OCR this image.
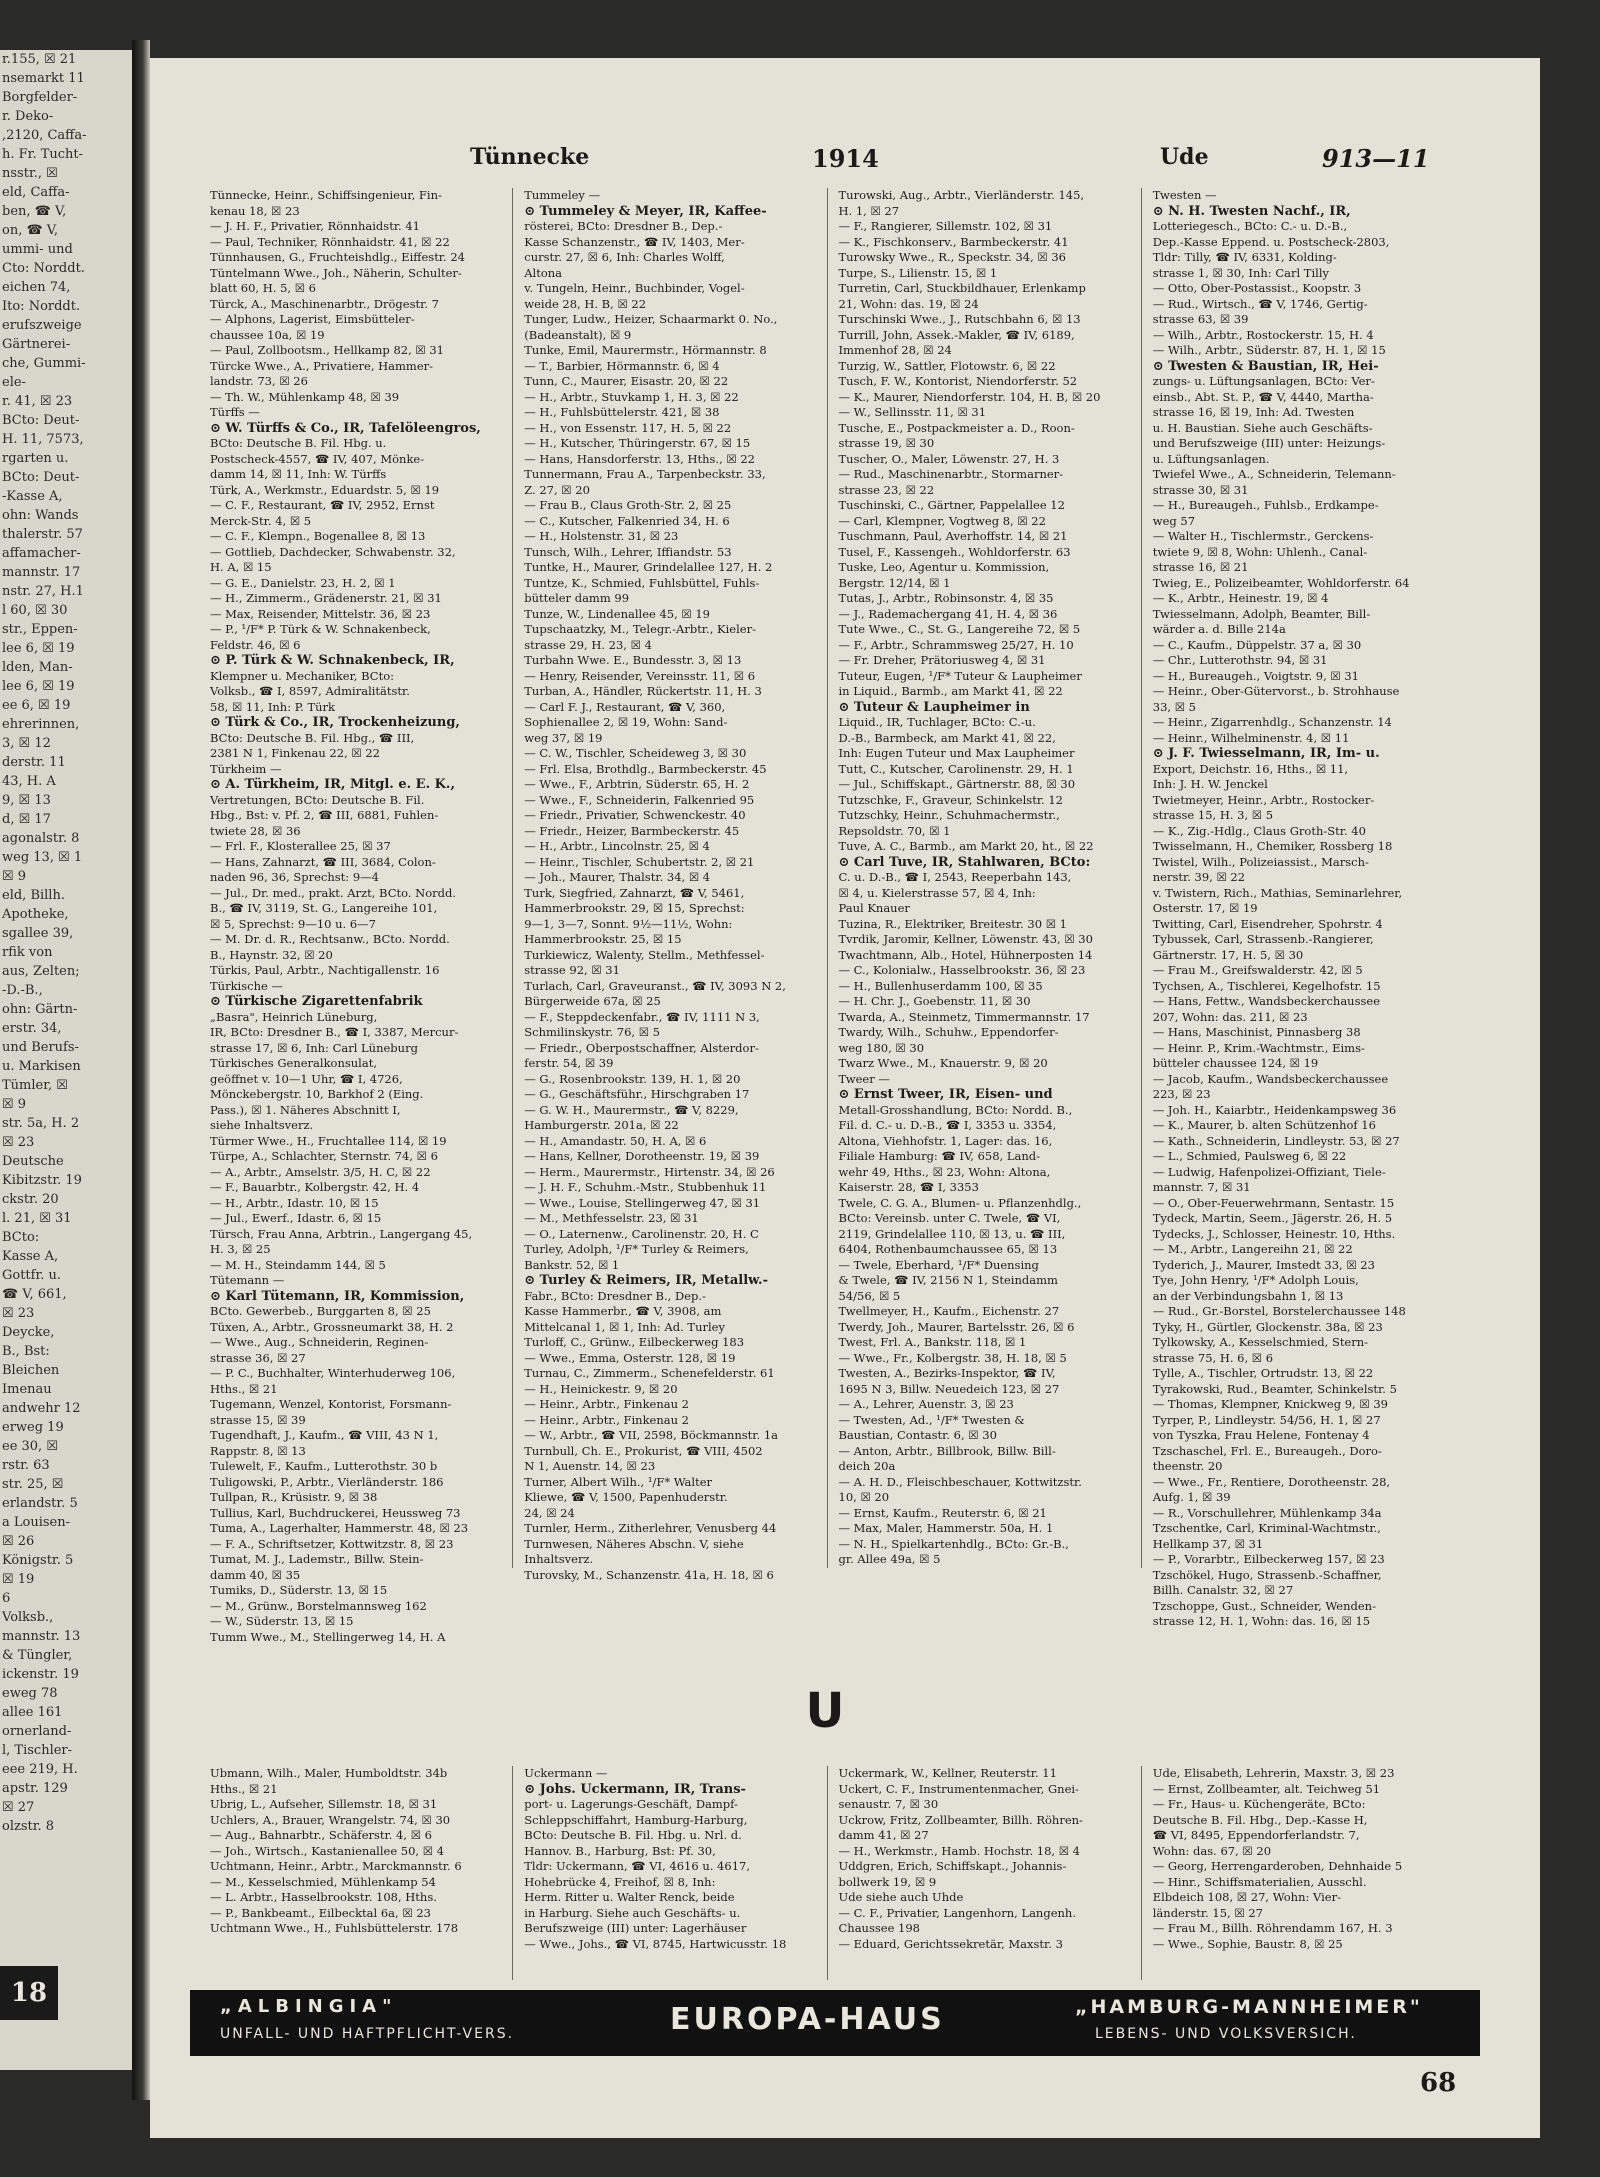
r.155, ☒ 21
nsemarkt 11
Borgfelder-
r. Deko-
,2120, Caffa-
h. Fr. Tucht-
nsstr., ☒
eld, Caffa-
ben, ☎ V,
on, ☎ V,
ummi- und
Cto: Norddt.
eichen 74,
Ito: Norddt.
erufszweige
Gärtnerei-
che, Gummi-
ele-
r. 41, ☒ 23
BCto: Deut-
H. 11, 7573,
rgarten u.
BCto: Deut-
-Kasse A,
ohn: Wands
thalerstr. 57
affamacher-
mannstr. 17
nstr. 27, H.1
l 60, ☒ 30
str., Eppen-
lee 6, ☒ 19
lden, Man-
lee 6, ☒ 19
ee 6, ☒ 19
ehrerinnen,
3, ☒ 12
derstr. 11
43, H. A
9, ☒ 13
d, ☒ 17
agonalstr. 8
weg 13, ☒ 1
☒ 9
eld, Billh.
Apotheke,
sgallee 39,
rfik von
aus, Zelten;
-D.-B.,
ohn: Gärtn-
erstr. 34,
und Berufs-
u. Markisen
Tümler, ☒
☒ 9
str. 5a, H. 2
☒ 23
Deutsche
Kibitzstr. 19
ckstr. 20
l. 21, ☒ 31
BCto:
Kasse A,
Gottfr. u.
☎ V, 661,
☒ 23
Deycke,
B., Bst:
Bleichen
Imenau
andwehr 12
erweg 19
ee 30, ☒
rstr. 63
str. 25, ☒
erlandstr. 5
a Louisen-
☒ 26
Königstr. 5
☒ 19
6
Volksb.,
mannstr. 13
& Tüngler,
ickenstr. 19
eweg 78
allee 161
ornerland-
l, Tischler-
eee 219, H.
apstr. 129
☒ 27
olzstr. 8
18
Tünnecke	1914	Ude	913—11
Tünnecke, Heinr., Schiffsingenieur, Fin-
kenau 18, ☒ 23
— J. H. F., Privatier, Rönnhaidstr. 41
— Paul, Techniker, Rönnhaidstr. 41, ☒ 22
Tünnhausen, G., Fruchteishdlg., Eiffestr. 24
Tüntelmann Wwe., Joh., Näherin, Schulter-
blatt 60, H. 5, ☒ 6
Türck, A., Maschinenarbtr., Drögestr. 7
— Alphons, Lagerist, Eimsbütteler-
chaussee 10a, ☒ 19
— Paul, Zollbootsm., Hellkamp 82, ☒ 31
Türcke Wwe., A., Privatiere, Hammer-
landstr. 73, ☒ 26
— Th. W., Mühlenkamp 48, ☒ 39
Türffs —
⊙ W. Türffs & Co., IR, Tafelöleengros,
BCto: Deutsche B. Fil. Hbg. u.
Postscheck-4557, ☎ IV, 407, Mönke-
damm 14, ☒ 11, Inh: W. Türffs
Türk, A., Werkmstr., Eduardstr. 5, ☒ 19
— C. F., Restaurant, ☎ IV, 2952, Ernst
Merck-Str. 4, ☒ 5
— C. F., Klempn., Bogenallee 8, ☒ 13
— Gottlieb, Dachdecker, Schwabenstr. 32,
H. A, ☒ 15
— G. E., Danielstr. 23, H. 2, ☒ 1
— H., Zimmerm., Grädenerstr. 21, ☒ 31
— Max, Reisender, Mittelstr. 36, ☒ 23
— P., ¹/F* P. Türk & W. Schnakenbeck,
Feldstr. 46, ☒ 6
⊙ P. Türk & W. Schnakenbeck, IR,
Klempner u. Mechaniker, BCto:
Volksb., ☎ I, 8597, Admiralitätstr.
58, ☒ 11, Inh: P. Türk
⊙ Türk & Co., IR, Trockenheizung,
BCto: Deutsche B. Fil. Hbg., ☎ III,
2381 N 1, Finkenau 22, ☒ 22
Türkheim —
⊙ A. Türkheim, IR, Mitgl. e. E. K.,
Vertretungen, BCto: Deutsche B. Fil.
Hbg., Bst: v. Pf. 2, ☎ III, 6881, Fuhlen-
twiete 28, ☒ 36
— Frl. F., Klosterallee 25, ☒ 37
— Hans, Zahnarzt, ☎ III, 3684, Colon-
naden 96, 36, Sprechst: 9—4
— Jul., Dr. med., prakt. Arzt, BCto. Nordd.
B., ☎ IV, 3119, St. G., Langereihe 101,
☒ 5, Sprechst: 9—10 u. 6—7
— M. Dr. d. R., Rechtsanw., BCto. Nordd.
B., Haynstr. 32, ☒ 20
Türkis, Paul, Arbtr., Nachtigallenstr. 16
Türkische —
⊙ Türkische Zigarettenfabrik
„Basra", Heinrich Lüneburg,
IR, BCto: Dresdner B., ☎ I, 3387, Mercur-
strasse 17, ☒ 6, Inh: Carl Lüneburg
Türkisches Generalkonsulat,
geöffnet v. 10—1 Uhr, ☎ I, 4726,
Mönckebergstr. 10, Barkhof 2 (Eing.
Pass.), ☒ 1. Näheres Abschnitt I,
siehe Inhaltsverz.
Türmer Wwe., H., Fruchtallee 114, ☒ 19
Türpe, A., Schlachter, Sternstr. 74, ☒ 6
— A., Arbtr., Amselstr. 3/5, H. C, ☒ 22
— F., Bauarbtr., Kolbergstr. 42, H. 4
— H., Arbtr., Idastr. 10, ☒ 15
— Jul., Ewerf., Idastr. 6, ☒ 15
Türsch, Frau Anna, Arbtrin., Langergang 45,
H. 3, ☒ 25
— M. H., Steindamm 144, ☒ 5
Tütemann —
⊙ Karl Tütemann, IR, Kommission,
BCto. Gewerbeb., Burggarten 8, ☒ 25
Tüxen, A., Arbtr., Grossneumarkt 38, H. 2
— Wwe., Aug., Schneiderin, Reginen-
strasse 36, ☒ 27
— P. C., Buchhalter, Winterhuderweg 106,
Hths., ☒ 21
Tugemann, Wenzel, Kontorist, Forsmann-
strasse 15, ☒ 39
Tugendhaft, J., Kaufm., ☎ VIII, 43 N 1,
Rappstr. 8, ☒ 13
Tulewelt, F., Kaufm., Lutterothstr. 30 b
Tuligowski, P., Arbtr., Vierländerstr. 186
Tullpan, R., Krüsistr. 9, ☒ 38
Tullius, Karl, Buchdruckerei, Heussweg 73
Tuma, A., Lagerhalter, Hammerstr. 48, ☒ 23
— F. A., Schriftsetzer, Kottwitzstr. 8, ☒ 23
Tumat, M. J., Lademstr., Billw. Stein-
damm 40, ☒ 35
Tumiks, D., Süderstr. 13, ☒ 15
— M., Grünw., Borstelmannsweg 162
— W., Süderstr. 13, ☒ 15
Tumm Wwe., M., Stellingerweg 14, H. A
Tummeley —
⊙ Tummeley & Meyer, IR, Kaffee-
rösterei, BCto: Dresdner B., Dep.-
Kasse Schanzenstr., ☎ IV, 1403, Mer-
curstr. 27, ☒ 6, Inh: Charles Wolff,
Altona
v. Tungeln, Heinr., Buchbinder, Vogel-
weide 28, H. B, ☒ 22
Tunger, Ludw., Heizer, Schaarmarkt 0. No.,
(Badeanstalt), ☒ 9
Tunke, Emil, Maurermstr., Hörmannstr. 8
— T., Barbier, Hörmannstr. 6, ☒ 4
Tunn, C., Maurer, Eisastr. 20, ☒ 22
— H., Arbtr., Stuvkamp 1, H. 3, ☒ 22
— H., Fuhlsbüttelerstr. 421, ☒ 38
— H., von Essenstr. 117, H. 5, ☒ 22
— H., Kutscher, Thüringerstr. 67, ☒ 15
— Hans, Hansdorferstr. 13, Hths., ☒ 22
Tunnermann, Frau A., Tarpenbeckstr. 33,
Z. 27, ☒ 20
— Frau B., Claus Groth-Str. 2, ☒ 25
— C., Kutscher, Falkenried 34, H. 6
— H., Holstenstr. 31, ☒ 23
Tunsch, Wilh., Lehrer, Iffiandstr. 53
Tuntke, H., Maurer, Grindelallee 127, H. 2
Tuntze, K., Schmied, Fuhlsbüttel, Fuhls-
bütteler damm 99
Tunze, W., Lindenallee 45, ☒ 19
Tupschaatzky, M., Telegr.-Arbtr., Kieler-
strasse 29, H. 23, ☒ 4
Turbahn Wwe. E., Bundesstr. 3, ☒ 13
— Henry, Reisender, Vereinsstr. 11, ☒ 6
Turban, A., Händler, Rückertstr. 11, H. 3
— Carl F. J., Restaurant, ☎ V, 360,
Sophienallee 2, ☒ 19, Wohn: Sand-
weg 37, ☒ 19
— C. W., Tischler, Scheideweg 3, ☒ 30
— Frl. Elsa, Brothdlg., Barmbeckerstr. 45
— Wwe., F., Arbtrin, Süderstr. 65, H. 2
— Wwe., F., Schneiderin, Falkenried 95
— Friedr., Privatier, Schwenckestr. 40
— Friedr., Heizer, Barmbeckerstr. 45
— H., Arbtr., Lincolnstr. 25, ☒ 4
— Heinr., Tischler, Schubertstr. 2, ☒ 21
— Joh., Maurer, Thalstr. 34, ☒ 4
Turk, Siegfried, Zahnarzt, ☎ V, 5461,
Hammerbrookstr. 29, ☒ 15, Sprechst:
9—1, 3—7, Sonnt. 9½—11½, Wohn:
Hammerbrookstr. 25, ☒ 15
Turkiewicz, Walenty, Stellm., Methfessel-
strasse 92, ☒ 31
Turlach, Carl, Graveuranst., ☎ IV, 3093 N 2,
Bürgerweide 67a, ☒ 25
— F., Steppdeckenfabr., ☎ IV, 1111 N 3,
Schmilinskystr. 76, ☒ 5
— Friedr., Oberpostschaffner, Alsterdor-
ferstr. 54, ☒ 39
— G., Rosenbrookstr. 139, H. 1, ☒ 20
— G., Geschäftsführ., Hirschgraben 17
— G. W. H., Maurermstr., ☎ V, 8229,
Hamburgerstr. 201a, ☒ 22
— H., Amandastr. 50, H. A, ☒ 6
— Hans, Kellner, Dorotheenstr. 19, ☒ 39
— Herm., Maurermstr., Hirtenstr. 34, ☒ 26
— J. H. F., Schuhm.-Mstr., Stubbenhuk 11
— Wwe., Louise, Stellingerweg 47, ☒ 31
— M., Methfesselstr. 23, ☒ 31
— O., Laternenw., Carolinenstr. 20, H. C
Turley, Adolph, ¹/F* Turley & Reimers,
Bankstr. 52, ☒ 1
⊙ Turley & Reimers, IR, Metallw.-
Fabr., BCto: Dresdner B., Dep.-
Kasse Hammerbr., ☎ V, 3908, am
Mittelcanal 1, ☒ 1, Inh: Ad. Turley
Turloff, C., Grünw., Eilbeckerweg 183
— Wwe., Emma, Osterstr. 128, ☒ 19
Turnau, C., Zimmerm., Schenefelderstr. 61
— H., Heinickestr. 9, ☒ 20
— Heinr., Arbtr., Finkenau 2
— Heinr., Arbtr., Finkenau 2
— W., Arbtr., ☎ VII, 2598, Böckmannstr. 1a
Turnbull, Ch. E., Prokurist, ☎ VIII, 4502
N 1, Auenstr. 14, ☒ 23
Turner, Albert Wilh., ¹/F* Walter
Kliewe, ☎ V, 1500, Papenhuderstr.
24, ☒ 24
Turnler, Herm., Zitherlehrer, Venusberg 44
Turnwesen, Näheres Abschn. V, siehe
Inhaltsverz.
Turovsky, M., Schanzenstr. 41a, H. 18, ☒ 6
Turowski, Aug., Arbtr., Vierländerstr. 145,
H. 1, ☒ 27
— F., Rangierer, Sillemstr. 102, ☒ 31
— K., Fischkonserv., Barmbeckerstr. 41
Turowsky Wwe., R., Speckstr. 34, ☒ 36
Turpe, S., Lilienstr. 15, ☒ 1
Turretin, Carl, Stuckbildhauer, Erlenkamp
21, Wohn: das. 19, ☒ 24
Turschinski Wwe., J., Rutschbahn 6, ☒ 13
Turrill, John, Assek.-Makler, ☎ IV, 6189,
Immenhof 28, ☒ 24
Turzig, W., Sattler, Flotowstr. 6, ☒ 22
Tusch, F. W., Kontorist, Niendorferstr. 52
— K., Maurer, Niendorferstr. 104, H. B, ☒ 20
— W., Sellinsstr. 11, ☒ 31
Tusche, E., Postpackmeister a. D., Roon-
strasse 19, ☒ 30
Tuscher, O., Maler, Löwenstr. 27, H. 3
— Rud., Maschinenarbtr., Stormarner-
strasse 23, ☒ 22
Tuschinski, C., Gärtner, Pappelallee 12
— Carl, Klempner, Vogtweg 8, ☒ 22
Tuschmann, Paul, Averhoffstr. 14, ☒ 21
Tusel, F., Kassengeh., Wohldorferstr. 63
Tuske, Leo, Agentur u. Kommission,
Bergstr. 12/14, ☒ 1
Tutas, J., Arbtr., Robinsonstr. 4, ☒ 35
— J., Rademachergang 41, H. 4, ☒ 36
Tute Wwe., C., St. G., Langereihe 72, ☒ 5
— F., Arbtr., Schrammsweg 25/27, H. 10
— Fr. Dreher, Prätoriusweg 4, ☒ 31
Tuteur, Eugen, ¹/F* Tuteur & Laupheimer
in Liquid., Barmb., am Markt 41, ☒ 22
⊙ Tuteur & Laupheimer in
Liquid., IR, Tuchlager, BCto: C.-u.
D.-B., Barmbeck, am Markt 41, ☒ 22,
Inh: Eugen Tuteur und Max Laupheimer
Tutt, C., Kutscher, Carolinenstr. 29, H. 1
— Jul., Schiffskapt., Gärtnerstr. 88, ☒ 30
Tutzschke, F., Graveur, Schinkelstr. 12
Tutzschky, Heinr., Schuhmachermstr.,
Repsoldstr. 70, ☒ 1
Tuve, A. C., Barmb., am Markt 20, ht., ☒ 22
⊙ Carl Tuve, IR, Stahlwaren, BCto:
C. u. D.-B., ☎ I, 2543, Reeperbahn 143,
☒ 4, u. Kielerstrasse 57, ☒ 4, Inh:
Paul Knauer
Tuzina, R., Elektriker, Breitestr. 30 ☒ 1
Tvrdik, Jaromir, Kellner, Löwenstr. 43, ☒ 30
Twachtmann, Alb., Hotel, Hühnerposten 14
— C., Kolonialw., Hasselbrookstr. 36, ☒ 23
— H., Bullenhuserdamm 100, ☒ 35
— H. Chr. J., Goebenstr. 11, ☒ 30
Twarda, A., Steinmetz, Timmermannstr. 17
Twardy, Wilh., Schuhw., Eppendorfer-
weg 180, ☒ 30
Twarz Wwe., M., Knauerstr. 9, ☒ 20
Tweer —
⊙ Ernst Tweer, IR, Eisen- und
Metall-Grosshandlung, BCto: Nordd. B.,
Fil. d. C.- u. D.-B., ☎ I, 3353 u. 3354,
Altona, Viehhofstr. 1, Lager: das. 16,
Filiale Hamburg: ☎ IV, 658, Land-
wehr 49, Hths., ☒ 23, Wohn: Altona,
Kaiserstr. 28, ☎ I, 3353
Twele, C. G. A., Blumen- u. Pflanzenhdlg.,
BCto: Vereinsb. unter C. Twele, ☎ VI,
2119, Grindelallee 110, ☒ 13, u. ☎ III,
6404, Rothenbaumchaussee 65, ☒ 13
— Twele, Eberhard, ¹/F* Duensing
& Twele, ☎ IV, 2156 N 1, Steindamm
54/56, ☒ 5
Twellmeyer, H., Kaufm., Eichenstr. 27
Twerdy, Joh., Maurer, Bartelsstr. 26, ☒ 6
Twest, Frl. A., Bankstr. 118, ☒ 1
— Wwe., Fr., Kolbergstr. 38, H. 18, ☒ 5
Twesten, A., Bezirks-Inspektor, ☎ IV,
1695 N 3, Billw. Neuedeich 123, ☒ 27
— A., Lehrer, Auenstr. 3, ☒ 23
— Twesten, Ad., ¹/F* Twesten &
Baustian, Contastr. 6, ☒ 30
— Anton, Arbtr., Billbrook, Billw. Bill-
deich 20a
— A. H. D., Fleischbeschauer, Kottwitzstr.
10, ☒ 20
— Ernst, Kaufm., Reuterstr. 6, ☒ 21
— Max, Maler, Hammerstr. 50a, H. 1
— N. H., Spielkartenhdlg., BCto: Gr.-B.,
gr. Allee 49a, ☒ 5
Twesten —
⊙ N. H. Twesten Nachf., IR,
Lotteriegesch., BCto: C.- u. D.-B.,
Dep.-Kasse Eppend. u. Postscheck-2803,
Tldr: Tilly, ☎ IV, 6331, Kolding-
strasse 1, ☒ 30, Inh: Carl Tilly
— Otto, Ober-Postassist., Koopstr. 3
— Rud., Wirtsch., ☎ V, 1746, Gertig-
strasse 63, ☒ 39
— Wilh., Arbtr., Rostockerstr. 15, H. 4
— Wilh., Arbtr., Süderstr. 87, H. 1, ☒ 15
⊙ Twesten & Baustian, IR, Hei-
zungs- u. Lüftungsanlagen, BCto: Ver-
einsb., Abt. St. P., ☎ V, 4440, Martha-
strasse 16, ☒ 19, Inh: Ad. Twesten
u. H. Baustian. Siehe auch Geschäfts-
und Berufszweige (III) unter: Heizungs-
u. Lüftungsanlagen.
Twiefel Wwe., A., Schneiderin, Telemann-
strasse 30, ☒ 31
— H., Bureaugeh., Fuhlsb., Erdkampe-
weg 57
— Walter H., Tischlermstr., Gerckens-
twiete 9, ☒ 8, Wohn: Uhlenh., Canal-
strasse 16, ☒ 21
Twieg, E., Polizeibeamter, Wohldorferstr. 64
— K., Arbtr., Heinestr. 19, ☒ 4
Twiesselmann, Adolph, Beamter, Bill-
wärder a. d. Bille 214a
— C., Kaufm., Düppelstr. 37 a, ☒ 30
— Chr., Lutterothstr. 94, ☒ 31
— H., Bureaugeh., Voigtstr. 9, ☒ 31
— Heinr., Ober-Gütervorst., b. Strohhause
33, ☒ 5
— Heinr., Zigarrenhdlg., Schanzenstr. 14
— Heinr., Wilhelminenstr. 4, ☒ 11
⊙ J. F. Twiesselmann, IR, Im- u.
Export, Deichstr. 16, Hths., ☒ 11,
Inh: J. H. W. Jenckel
Twietmeyer, Heinr., Arbtr., Rostocker-
strasse 15, H. 3, ☒ 5
— K., Zig.-Hdlg., Claus Groth-Str. 40
Twisselmann, H., Chemiker, Rossberg 18
Twistel, Wilh., Polizeiassist., Marsch-
nerstr. 39, ☒ 22
v. Twistern, Rich., Mathias, Seminarlehrer,
Osterstr. 17, ☒ 19
Twitting, Carl, Eisendreher, Spohrstr. 4
Tybussek, Carl, Strassenb.-Rangierer,
Gärtnerstr. 17, H. 5, ☒ 30
— Frau M., Greifswalderstr. 42, ☒ 5
Tychsen, A., Tischlerei, Kegelhofstr. 15
— Hans, Fettw., Wandsbeckerchaussee
207, Wohn: das. 211, ☒ 23
— Hans, Maschinist, Pinnasberg 38
— Heinr. P., Krim.-Wachtmstr., Eims-
bütteler chaussee 124, ☒ 19
— Jacob, Kaufm., Wandsbeckerchaussee
223, ☒ 23
— Joh. H., Kaiarbtr., Heidenkampsweg 36
— K., Maurer, b. alten Schützenhof 16
— Kath., Schneiderin, Lindleystr. 53, ☒ 27
— L., Schmied, Paulsweg 6, ☒ 22
— Ludwig, Hafenpolizei-Offiziant, Tiele-
mannstr. 7, ☒ 31
— O., Ober-Feuerwehrmann, Sentastr. 15
Tydeck, Martin, Seem., Jägerstr. 26, H. 5
Tydecks, J., Schlosser, Heinestr. 10, Hths.
— M., Arbtr., Langereihn 21, ☒ 22
Tyderich, J., Maurer, Imstedt 33, ☒ 23
Tye, John Henry, ¹/F* Adolph Louis,
an der Verbindungsbahn 1, ☒ 13
— Rud., Gr.-Borstel, Borstelerchaussee 148
Tyky, H., Gürtler, Glockenstr. 38a, ☒ 23
Tylkowsky, A., Kesselschmied, Stern-
strasse 75, H. 6, ☒ 6
Tylle, A., Tischler, Ortrudstr. 13, ☒ 22
Tyrakowski, Rud., Beamter, Schinkelstr. 5
— Thomas, Klempner, Knickweg 9, ☒ 39
Tyrper, P., Lindleystr. 54/56, H. 1, ☒ 27
von Tyszka, Frau Helene, Fontenay 4
Tzschaschel, Frl. E., Bureaugeh., Doro-
theenstr. 20
— Wwe., Fr., Rentiere, Dorotheenstr. 28,
Aufg. 1, ☒ 39
— R., Vorschullehrer, Mühlenkamp 34a
Tzschentke, Carl, Kriminal-Wachtmstr.,
Hellkamp 37, ☒ 31
— P., Vorarbtr., Eilbeckerweg 157, ☒ 23
Tzschökel, Hugo, Strassenb.-Schaffner,
Billh. Canalstr. 32, ☒ 27
Tzschoppe, Gust., Schneider, Wenden-
strasse 12, H. 1, Wohn: das. 16, ☒ 15
U
Ubmann, Wilh., Maler, Humboldtstr. 34b
Hths., ☒ 21
Ubrig, L., Aufseher, Sillemstr. 18, ☒ 31
Uchlers, A., Brauer, Wrangelstr. 74, ☒ 30
— Aug., Bahnarbtr., Schäferstr. 4, ☒ 6
— Joh., Wirtsch., Kastanienallee 50, ☒ 4
Uchtmann, Heinr., Arbtr., Marckmannstr. 6
— M., Kesselschmied, Mühlenkamp 54
— L. Arbtr., Hasselbrookstr. 108, Hths.
— P., Bankbeamt., Eilbecktal 6a, ☒ 23
Uchtmann Wwe., H., Fuhlsbüttelerstr. 178
Uckermann —
⊙ Johs. Uckermann, IR, Trans-
port- u. Lagerungs-Geschäft, Dampf-
Schleppschiffahrt, Hamburg-Harburg,
BCto: Deutsche B. Fil. Hbg. u. Nrl. d.
Hannov. B., Harburg, Bst: Pf. 30,
Tldr: Uckermann, ☎ VI, 4616 u. 4617,
Hohebrücke 4, Freihof, ☒ 8, Inh:
Herm. Ritter u. Walter Renck, beide
in Harburg. Siehe auch Geschäfts- u.
Berufszweige (III) unter: Lagerhäuser
— Wwe., Johs., ☎ VI, 8745, Hartwicusstr. 18
Uckermark, W., Kellner, Reuterstr. 11
Uckert, C. F., Instrumentenmacher, Gnei-
senaustr. 7, ☒ 30
Uckrow, Fritz, Zollbeamter, Billh. Röhren-
damm 41, ☒ 27
— H., Werkmstr., Hamb. Hochstr. 18, ☒ 4
Uddgren, Erich, Schiffskapt., Johannis-
bollwerk 19, ☒ 9
Ude siehe auch Uhde
— C. F., Privatier, Langenhorn, Langenh.
Chaussee 198
— Eduard, Gerichtssekretär, Maxstr. 3
Ude, Elisabeth, Lehrerin, Maxstr. 3, ☒ 23
— Ernst, Zollbeamter, alt. Teichweg 51
— Fr., Haus- u. Küchengeräte, BCto:
Deutsche B. Fil. Hbg., Dep.-Kasse H,
☎ VI, 8495, Eppendorferlandstr. 7,
Wohn: das. 67, ☒ 20
— Georg, Herrengarderoben, Dehnhaide 5
— Hinr., Schiffsmaterialien, Ausschl.
Elbdeich 108, ☒ 27, Wohn: Vier-
länderstr. 15, ☒ 27
— Frau M., Billh. Röhrendamm 167, H. 3
— Wwe., Sophie, Baustr. 8, ☒ 25
„ALBINGIA"
UNFALL- UND HAFTPFLICHT-VERS.	EUROPA-HAUS	„HAMBURG-MANNHEIMER"
LEBENS- UND VOLKSVERSICH.
68
